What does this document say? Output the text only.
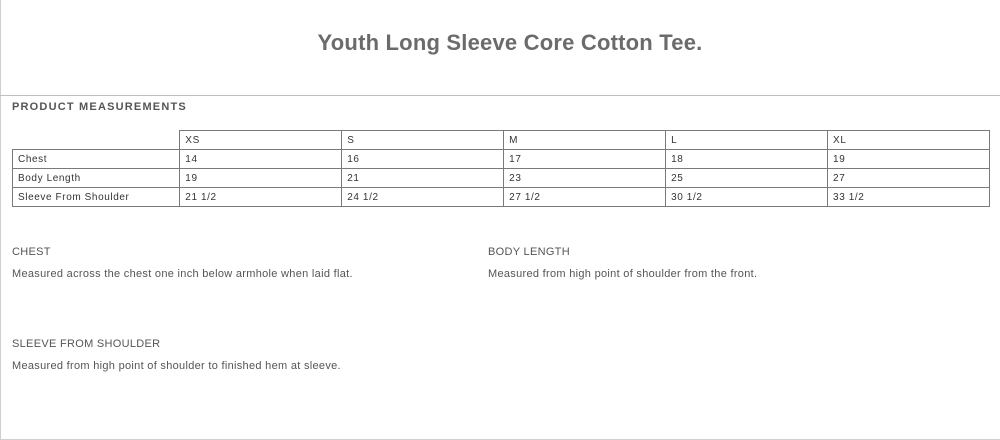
Youth Long Sleeve Core Cotton Tee.
PRODUCT MEASUREMENTS
	XS	S	M	L	XL
Chest	14	16	17	18	19
Body Length	19	21	23	25	27
Sleeve From Shoulder	21 1/2	24 1/2	27 1/2	30 1/2	33 1/2
CHEST
Measured across the chest one inch below armhole when laid flat.
BODY LENGTH
Measured from high point of shoulder from the front.
SLEEVE FROM SHOULDER
Measured from high point of shoulder to finished hem at sleeve.
